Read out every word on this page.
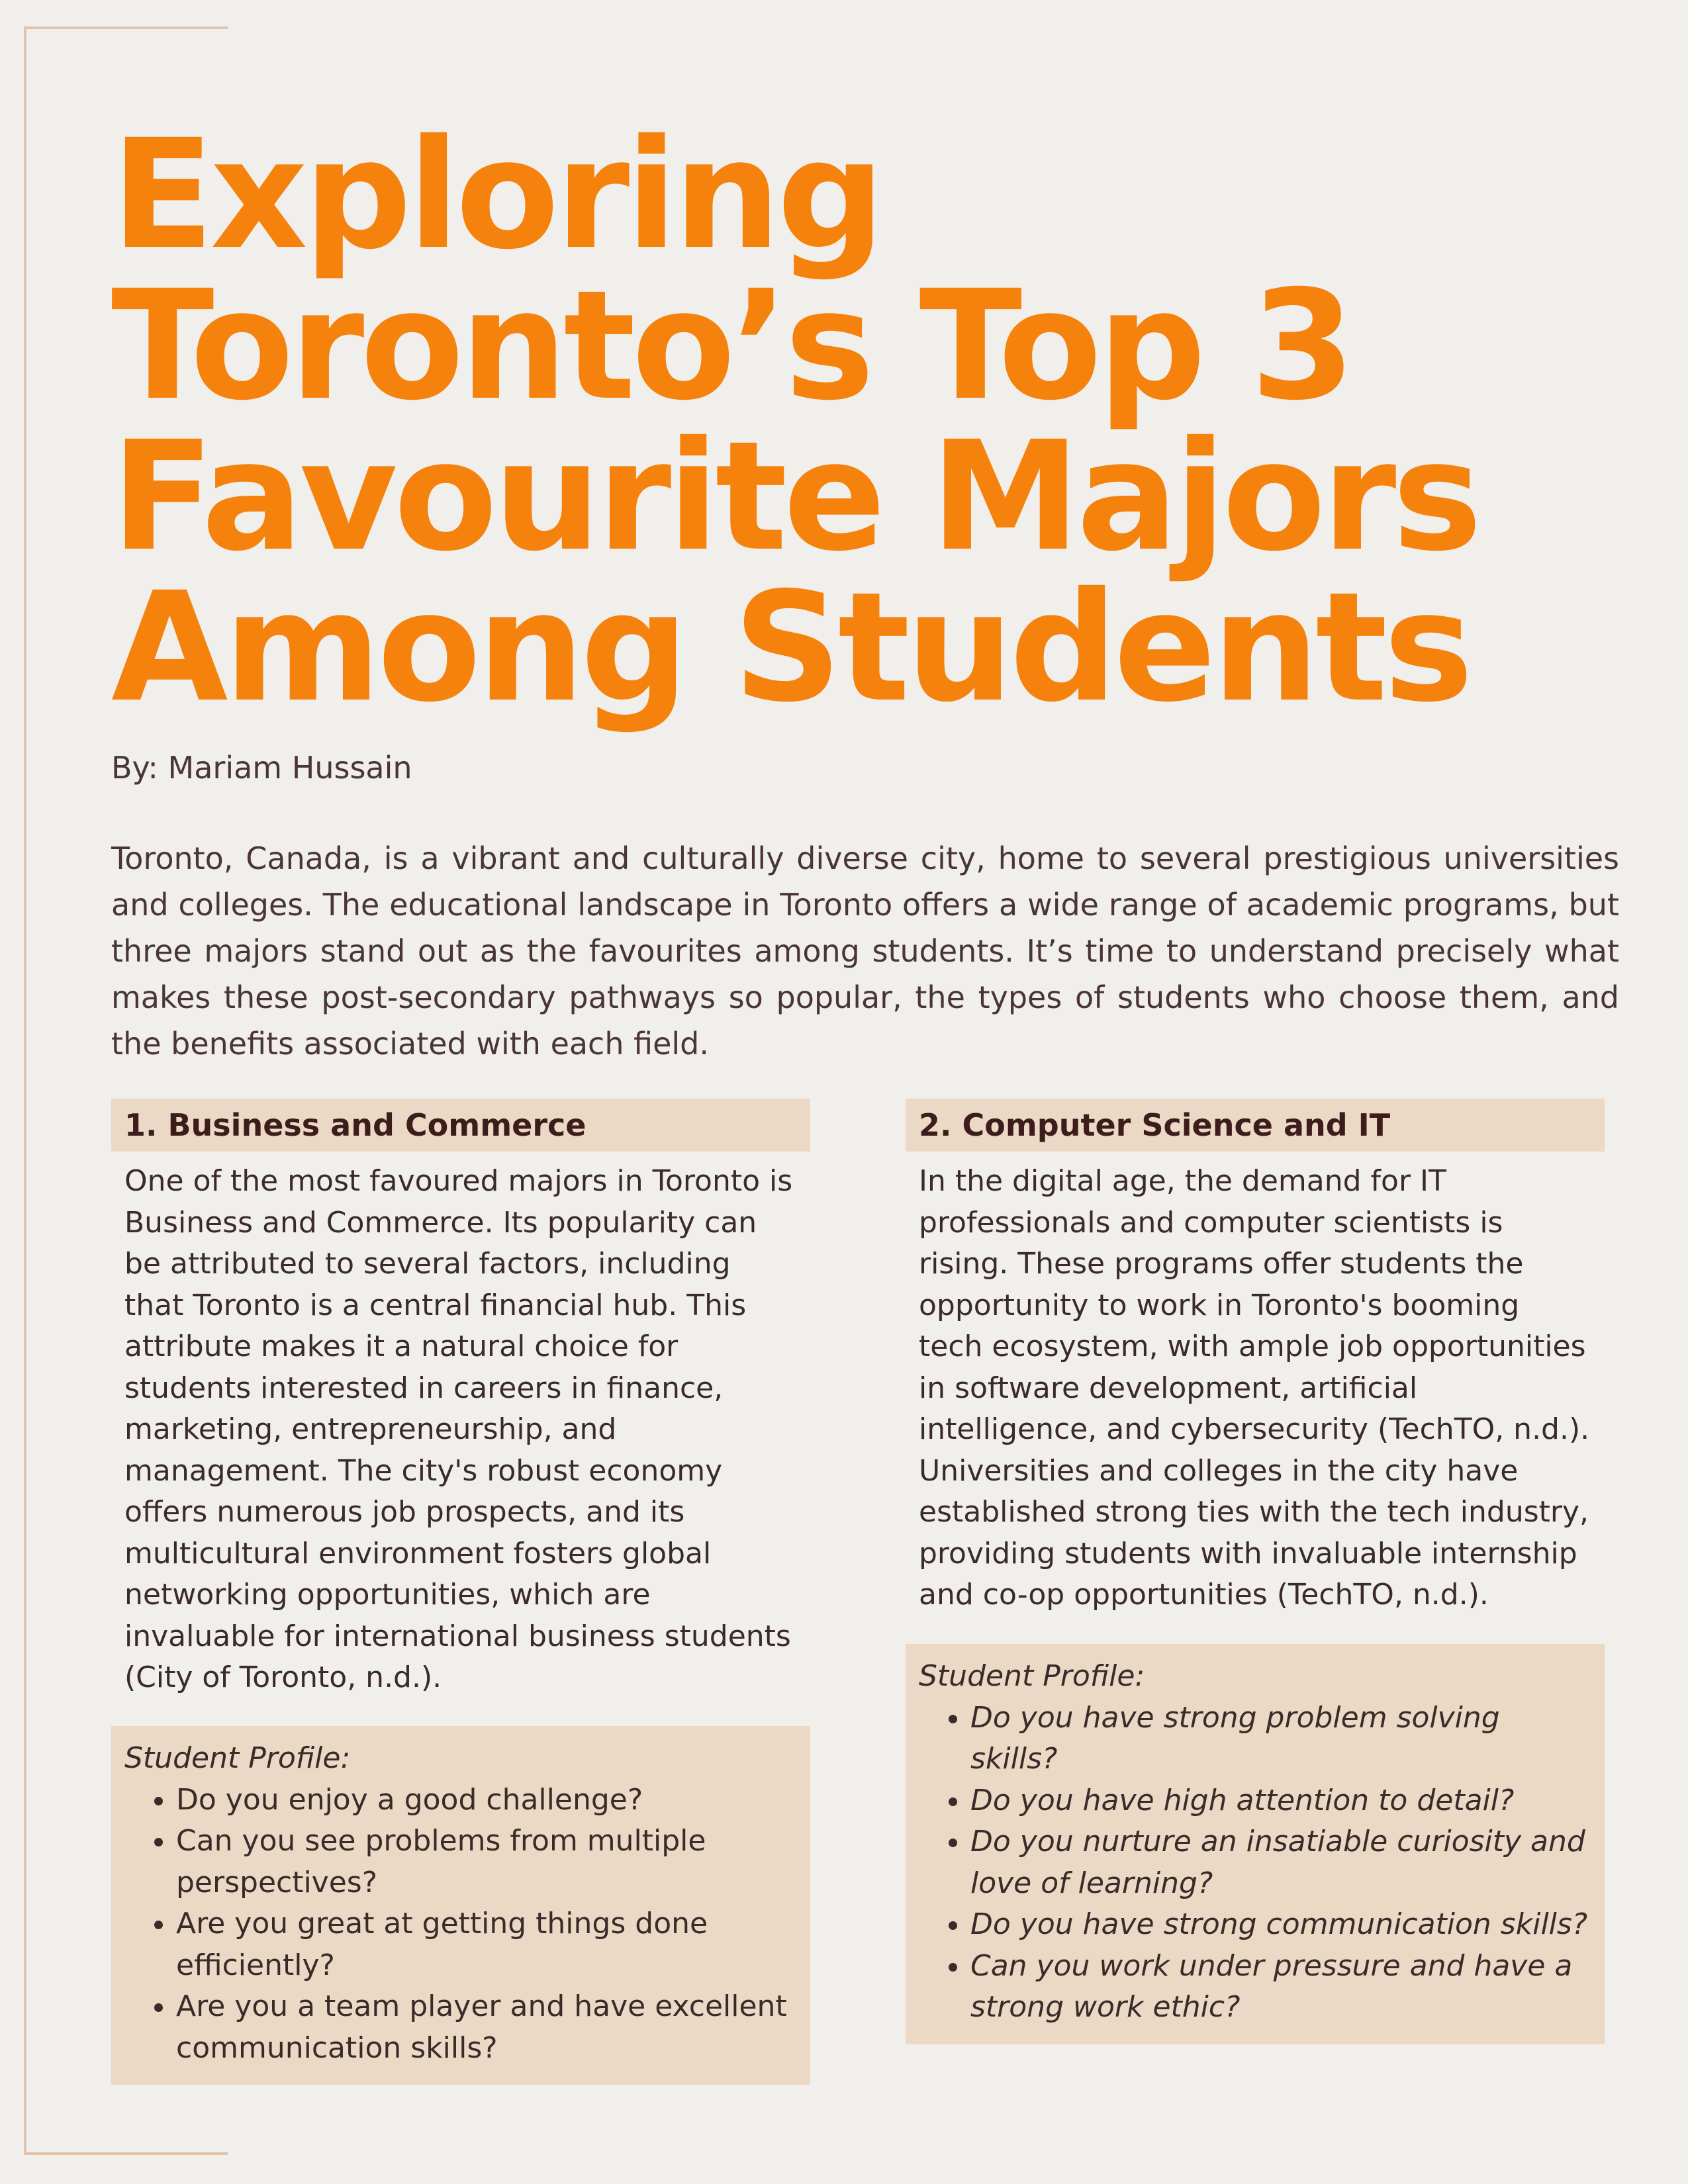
Exploring
Toronto’s Top 3
Favourite Majors
Among Students

By: Mariam Hussain

Toronto, Canada, is a vibrant and culturally diverse city, home to several prestigious universities and colleges. The educational landscape in Toronto offers a wide range of academic programs, but three majors stand out as the favourites among students. It’s time to understand precisely what makes these post-secondary pathways so popular, the types of students who choose them, and the benefits associated with each field.

1. Business and Commerce

One of the most favoured majors in Toronto is Business and Commerce. Its popularity can be attributed to several factors, including that Toronto is a central financial hub. This attribute makes it a natural choice for students interested in careers in finance, marketing, entrepreneurship, and management. The city's robust economy offers numerous job prospects, and its multicultural environment fosters global networking opportunities, which are invaluable for international business students (City of Toronto, n.d.).

Student Profile:

• Do you enjoy a good challenge?
• Can you see problems from multiple perspectives?
• Are you great at getting things done efficiently?
• Are you a team player and have excellent communication skills?
2. Computer Science and IT

In the digital age, the demand for IT professionals and computer scientists is rising. These programs offer students the opportunity to work in Toronto's booming tech ecosystem, with ample job opportunities in software development, artificial intelligence, and cybersecurity (TechTO, n.d.). Universities and colleges in the city have established strong ties with the tech industry, providing students with invaluable internship and co-op opportunities (TechTO, n.d.).

Student Profile:

• Do you have strong problem solving skills?
• Do you have high attention to detail?
• Do you nurture an insatiable curiosity and love of learning?
• Do you have strong communication skills?
• Can you work under pressure and have a strong work ethic?
